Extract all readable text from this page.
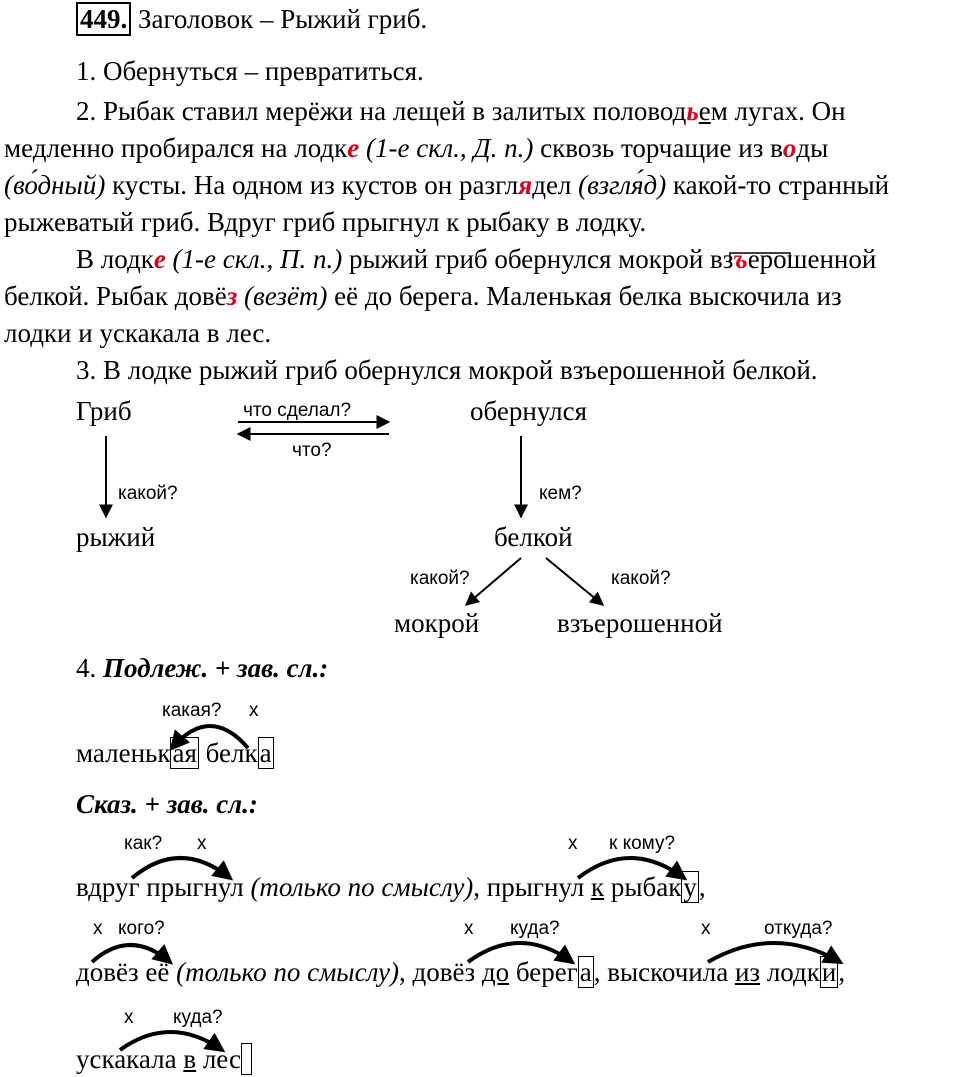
449. Заголовок – Рыжий гриб.
1. Обернуться – превратиться.
2. Рыбак ставил мерёжи на лещей в залитых половодьем лугах. Он
медленно пробирался на лодке (1-е скл., Д. п.) сквозь торчащие из воды
(во́дный) кусты. На одном из кустов он разглядел (взгля́д) какой-то странный
рыжеватый гриб. Вдруг гриб прыгнул к рыбаку в лодку.
В лодке (1-е скл., П. п.) рыжий гриб обернулся мокрой взъерошенной
белкой. Рыбак довёз (везёт) её до берега. Маленькая белка выскочила из
лодки и ускакала в лес.
3. В лодке рыжий гриб обернулся мокрой взъерошенной белкой.
Гриб	обернулся
что сделал?
что?
какой?
рыжий
кем?
белкой
какой?	какой?
мокрой	взъерошенной
4. Подлеж. + зав. сл.:
какая? x
маленькая белка
Сказ. + зав. сл.:
как? x	x к кому?
вдруг прыгнул (только по смыслу), прыгнул к рыбаку,
x кого?	x куда?	x	откуда?
довёз её (только по смыслу), довёз до берега, выскочила из лодки,
x куда?
ускакала в лес
